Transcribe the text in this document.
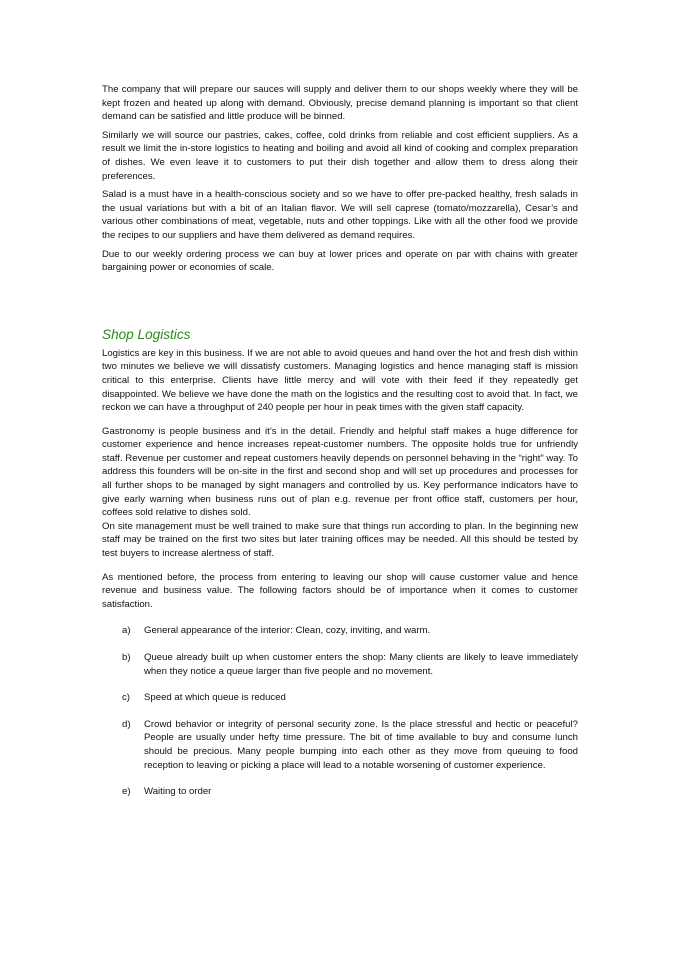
The company that will prepare our sauces will supply and deliver them to our shops weekly where they will be kept frozen and heated up along with demand. Obviously, precise demand planning is important so that client demand can be satisfied and little produce will be binned.

Similarly we will source our pastries, cakes, coffee, cold drinks from reliable and cost efficient suppliers. As a result we limit the in-store logistics to heating and boiling and avoid all kind of cooking and complex preparation of dishes. We even leave it to customers to put their dish together and allow them to dress along their preferences.

Salad is a must have in a health-conscious society and so we have to offer pre-packed healthy, fresh salads in the usual variations but with a bit of an Italian flavor. We will sell caprese (tomato/mozzarella), Cesar’s and various other combinations of meat, vegetable, nuts and other toppings. Like with all the other food we provide the recipes to our suppliers and have them delivered as demand requires.

Due to our weekly ordering process we can buy at lower prices and operate on par with chains with greater bargaining power or economies of scale.

Shop Logistics

Logistics are key in this business. If we are not able to avoid queues and hand over the hot and fresh dish within two minutes we believe we will dissatisfy customers. Managing logistics and hence managing staff is mission critical to this enterprise. Clients have little mercy and will vote with their feed if they repeatedly get disappointed. We believe we have done the math on the logistics and the resulting cost to avoid that. In fact, we reckon we can have a throughput of 240 people per hour in peak times with the given staff capacity.

Gastronomy is people business and it’s in the detail. Friendly and helpful staff makes a huge difference for customer experience and hence increases repeat-customer numbers. The opposite holds true for unfriendly staff. Revenue per customer and repeat customers heavily depends on personnel behaving in the “right” way. To address this founders will be on-site in the first and second shop and will set up procedures and processes for all further shops to be managed by sight managers and controlled by us. Key performance indicators have to give early warning when business runs out of plan e.g. revenue per front office staff, customers per hour, coffees sold relative to dishes sold.

On site management must be well trained to make sure that things run according to plan. In the beginning new staff may be trained on the first two sites but later training offices may be needed. All this should be tested by test buyers to increase alertness of staff.

As mentioned before, the process from entering to leaving our shop will cause customer value and hence revenue and business value. The following factors should be of importance when it comes to customer satisfaction.

a)	General appearance of the interior: Clean, cozy, inviting, and warm.
b)	Queue already built up when customer enters the shop: Many clients are likely to leave immediately when they notice a queue larger than five people and no movement.
c)	Speed at which queue is reduced
d)	Crowd behavior or integrity of personal security zone. Is the place stressful and hectic or peaceful? People are usually under hefty time pressure. The bit of time available to buy and consume lunch should be precious. Many people bumping into each other as they move from queuing to food reception to leaving or picking a place will lead to a notable worsening of customer experience.
e)	Waiting to order
